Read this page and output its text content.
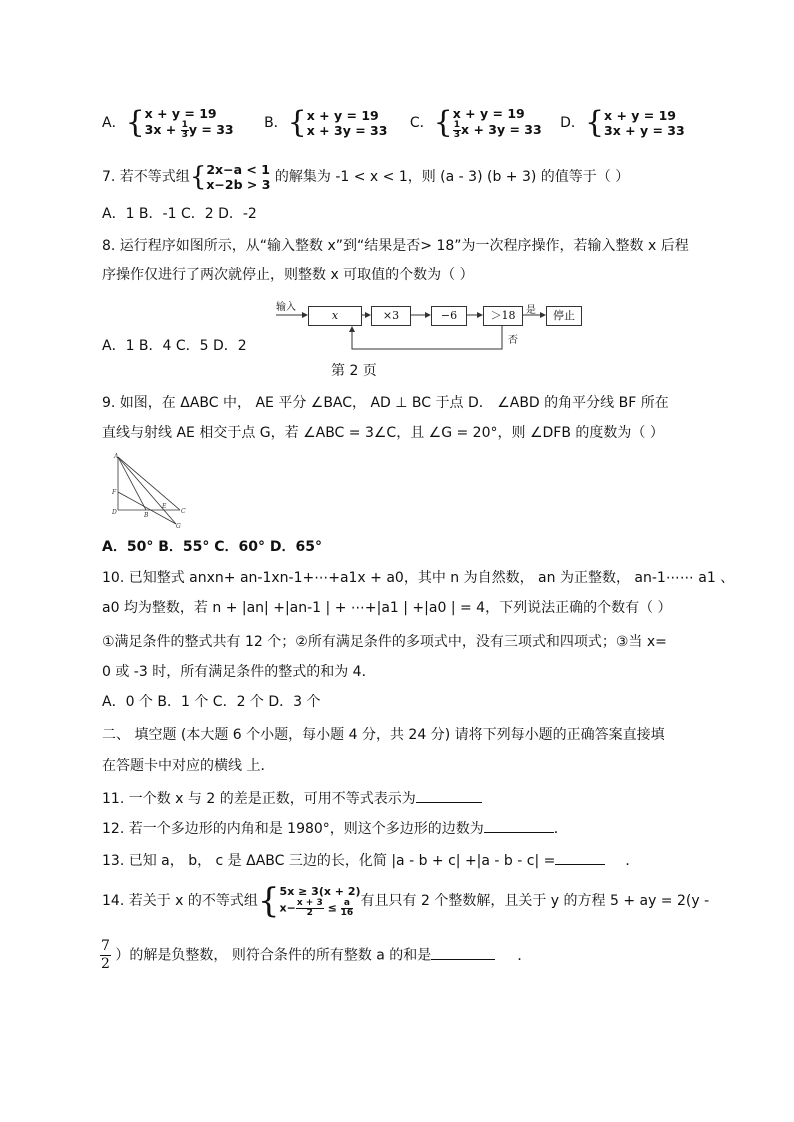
A．{ x + y = 19
$3x + \frac{1}{3}$ y = 33 B．{ x + y = 19
x + 3y = 33 C．{ x + y = 19
$\frac{1}{3}$ x + 3y = 33 D．{ x + y = 19
3x + y = 33
7. 若不等式组{ 2x−a < 1
x−2b > 3 的解集为 -1 < x < 1，则 (a - 3) (b + 3) 的值等于（ ）
A．1 B．-1 C．2 D．-2
8. 运行程序如图所示，从“输入整数 x”到“结果是否> 18”为一次程序操作，若输入整数 x 后程
序操作仅进行了两次就停止，则整数 x 可取值的个数为（ ）
输入
x	×3	−6	＞18	是	停止
否
A．1 B．4 C．5 D．2
第 2 页
9. 如图，在 ΔABC 中， AE 平分 ∠BAC， AD ⊥ BC 于点 D． ∠ABD 的角平分线 BF 所在
直线与射线 AE 相交于点 G，若 ∠ABC = 3∠C，且 ∠G = 20°，则 ∠DFB 的度数为（ ）
A
F
D	B
E
C
G
A．50° B．55° C．60° D．65°
10. 已知整式 anxn+ an-1xn-1+⋯+a1x + a0，其中 n 为自然数， an 为正整数， an-1⋯⋯ a1 、
a0 均为整数，若 n + |an| +|an-1 | + ⋯+|a1 | +|a0 | = 4，下列说法正确的个数有（ ）
①满足条件的整式共有 12 个；②所有满足条件的多项式中，没有三项式和四项式；③当 x=
0 或 -3 时，所有满足条件的整式的和为 4．
A．0 个 B．1 个 C．2 个 D．3 个
二、 填空题 (本大题 6 个小题，每小题 4 分，共 24 分) 请将下列每小题的正确答案直接填
在答题卡中对应的横线 上．
11. 一个数 x 与 2 的差是正数，可用不等式表示为
12. 若一个多边形的内角和是 1980°，则这个多边形的边数为	．
13. 已知 a， b， c 是 ΔABC 三边的长，化简 |a - b + c| +|a - b - c| =	．
14. 若关于 x 的不等式组{ 5x ≥ 3(x + 2)
$x- \frac{x + 3}{2} \le \frac{a}{16}$ 有且只有 2 个整数解，且关于 y 的方程 5 + ay = 2(y -
$\frac{7}{2}$ ）的解是负整数， 则符合条件的所有整数 a 的和是	．
